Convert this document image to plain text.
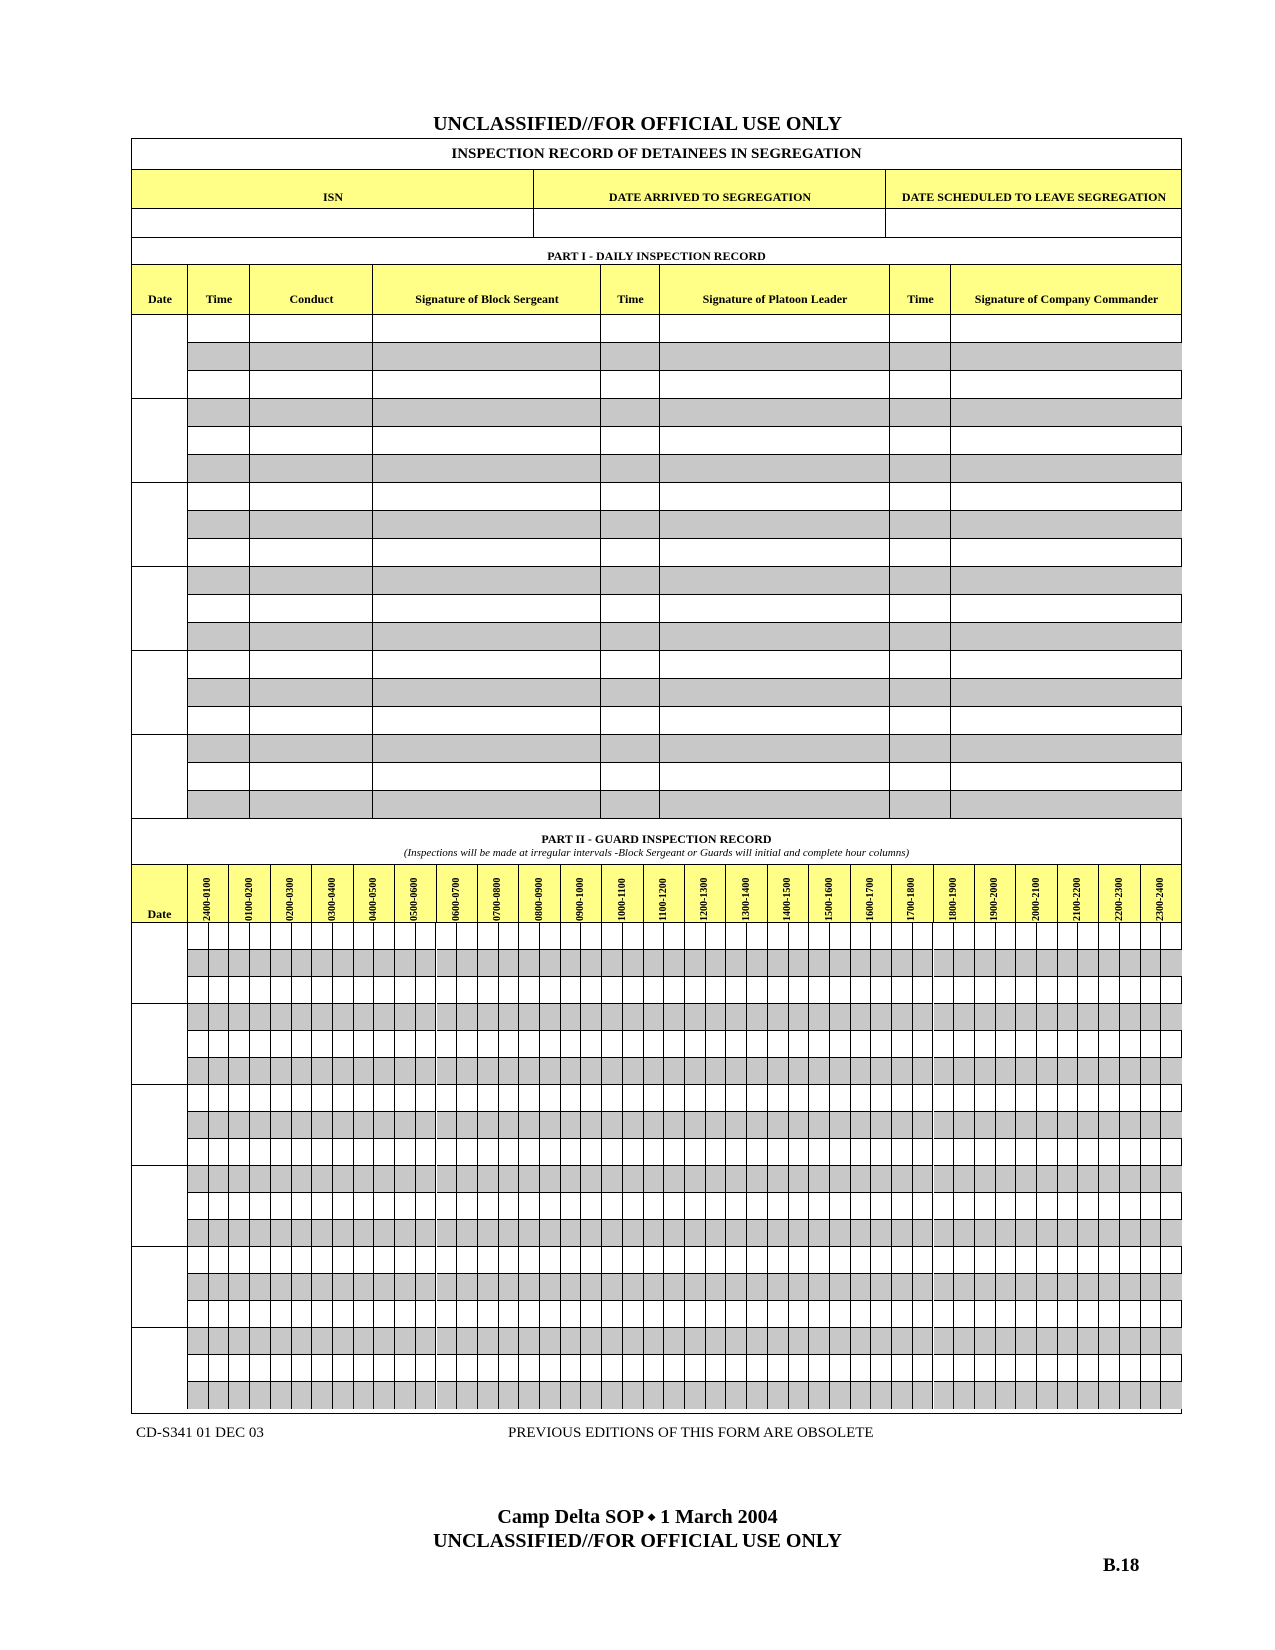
UNCLASSIFIED//FOR OFFICIAL USE ONLY
INSPECTION RECORD OF DETAINEES IN SEGREGATION
ISN	DATE ARRIVED TO SEGREGATION	DATE SCHEDULED TO LEAVE SEGREGATION
PART I - DAILY INSPECTION RECORD
Date	Time	Conduct	Signature of Block Sergeant	Time	Signature of Platoon Leader	Time	Signature of Company Commander
PART II - GUARD INSPECTION RECORD
(Inspections will be made at irregular intervals -Block Sergeant or Guards will initial and complete hour columns)
Date	2400-0100	0100-0200	0200-0300	0300-0400	0400-0500	0500-0600	0600-0700	0700-0800	0800-0900	0900-1000	1000-1100	1100-1200	1200-1300	1300-1400	1400-1500	1500-1600	1600-1700	1700-1800	1800-1900	1900-2000	2000-2100	2100-2200	2200-2300	2300-2400
CD-S341 01 DEC 03	PREVIOUS EDITIONS OF THIS FORM ARE OBSOLETE
Camp Delta SOP ⬩ 1 March 2004
UNCLASSIFIED//FOR OFFICIAL USE ONLY
B.18
